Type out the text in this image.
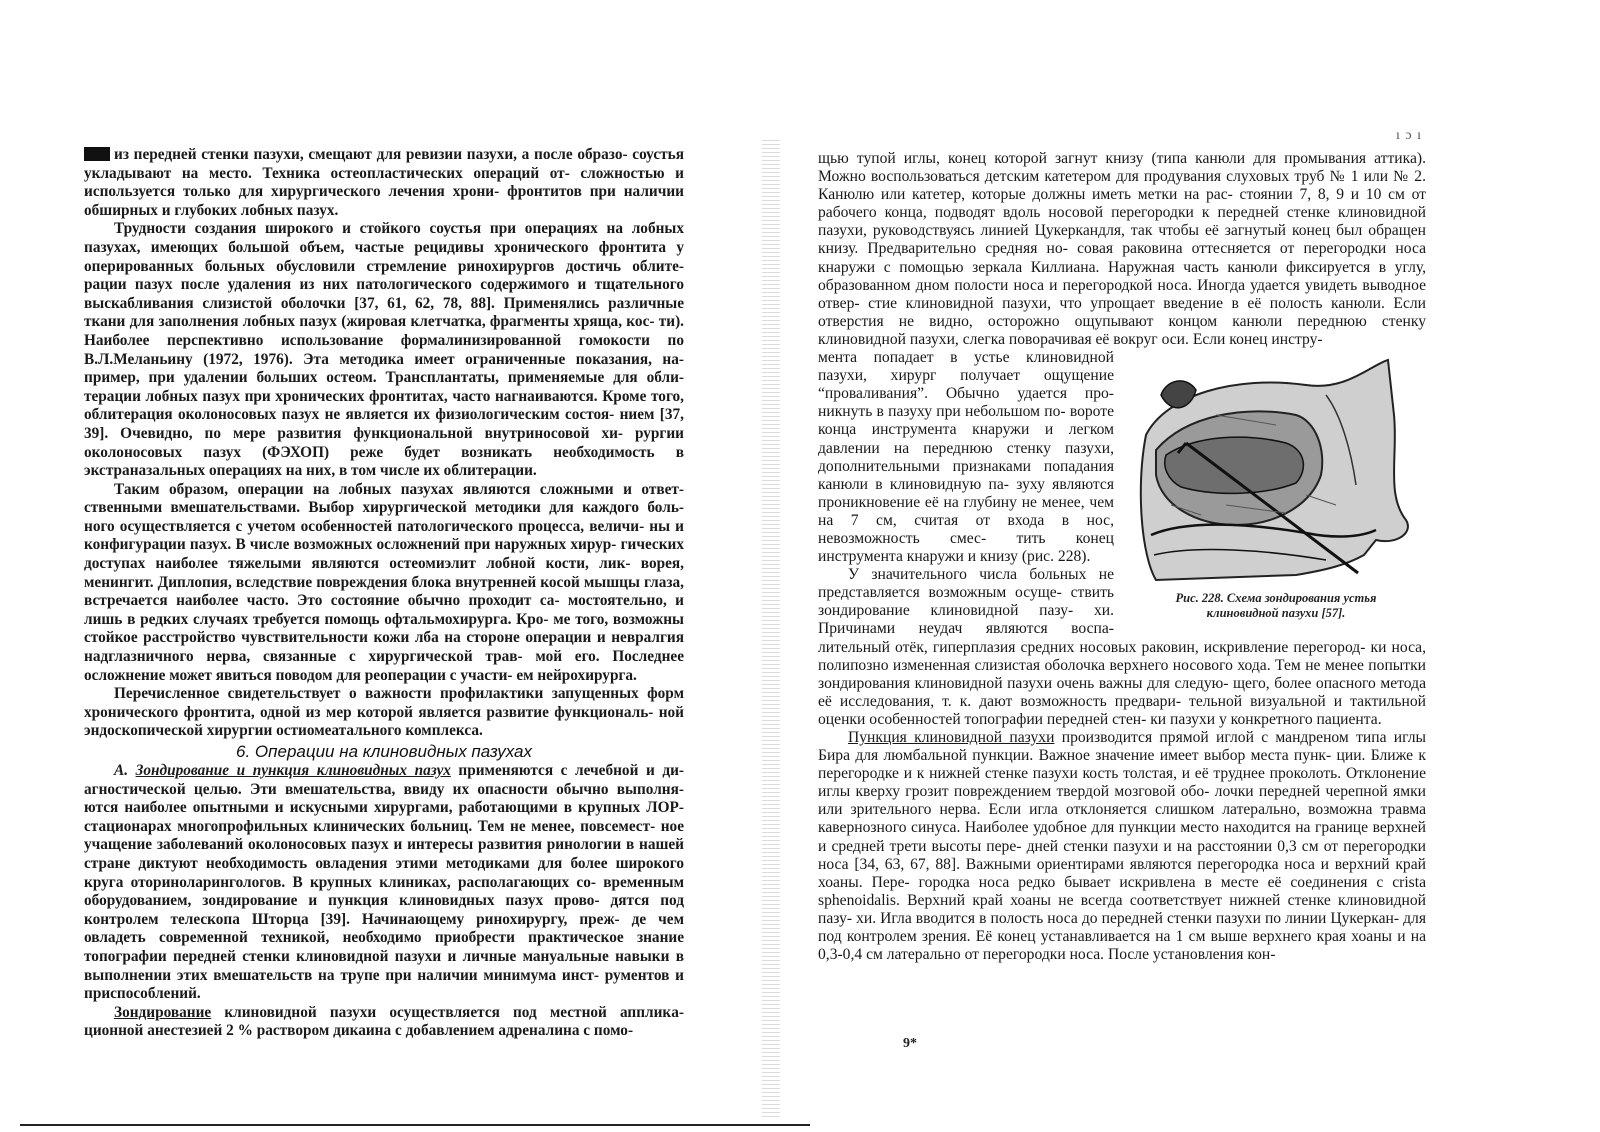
из передней стенки пазухи, смещают для ревизии пазухи, а после образо- соустья укладывают на место. Техника остеопластических операций от- сложностью и используется только для хирургического лечения хрони- фронтитов при наличии обширных и глубоких лобных пазух.

Трудности создания широкого и стойкого соустья при операциях на лобных пазухах, имеющих большой объем, частые рецидивы хронического фронтита у оперированных больных обусловили стремление ринохирургов достичь облите- рации пазух после удаления из них патологического содержимого и тщательного выскабливания слизистой оболочки [37, 61, 62, 78, 88]. Применялись различные ткани для заполнения лобных пазух (жировая клетчатка, фрагменты хряща, кос- ти). Наиболее перспективно использование формалинизированной гомокости по В.Л.Меланьину (1972, 1976). Эта методика имеет ограниченные показания, на- пример, при удалении больших остеом. Трансплантаты, применяемые для обли- терации лобных пазух при хронических фронтитах, часто нагнаиваются. Кроме того, облитерация околоносовых пазух не является их физиологическим состоя- нием [37, 39]. Очевидно, по мере развития функциональной внутриносовой хи- рургии околоносовых пазух (ФЭХОП) реже будет возникать необходимость в экстраназальных операциях на них, в том числе их облитерации.

Таким образом, операции на лобных пазухах являются сложными и ответ- ственными вмешательствами. Выбор хирургической методики для каждого боль- ного осуществляется с учетом особенностей патологического процесса, величи- ны и конфигурации пазух. В числе возможных осложнений при наружных хирур- гических доступах наиболее тяжелыми являются остеомиэлит лобной кости, лик- ворея, менингит. Диплопия, вследствие повреждения блока внутренней косой мышцы глаза, встречается наиболее часто. Это состояние обычно проходит са- мостоятельно, и лишь в редких случаях требуется помощь офтальмохирурга. Кро- ме того, возможны стойкое расстройство чувствительности кожи лба на стороне операции и невралгия надглазничного нерва, связанные с хирургической трав- мой его. Последнее осложнение может явиться поводом для реоперации с участи- ем нейрохирурга.

Перечисленное свидетельствует о важности профилактики запущенных форм хронического фронтита, одной из мер которой является развитие функциональ- ной эндоскопической хирургии остиомеатального комплекса.

6. Операции на клиновидных пазухах

А. Зондирование и пункция клиновидных пазух применяются с лечебной и ди- агностической целью. Эти вмешательства, ввиду их опасности обычно выполня- ются наиболее опытными и искусными хирургами, работающими в крупных ЛОР- стационарах многопрофильных клинических больниц. Тем не менее, повсемест- ное учащение заболеваний околоносовых пазух и интересы развития ринологии в нашей стране диктуют необходимость овладения этими методиками для более широкого круга оториноларингологов. В крупных клиниках, располагающих со- временным оборудованием, зондирование и пункция клиновидных пазух прово- дятся под контролем телескопа Шторца [39]. Начинающему ринохирургу, преж- де чем овладеть современной техникой, необходимо приобрести практическое знание топографии передней стенки клиновидной пазухи и личные мануальные навыки в выполнении этих вмешательств на трупе при наличии минимума инст- рументов и приспособлений.

Зондирование клиновидной пазухи осуществляется под местной аппликa- ционной анестезией 2 % раствором дикаина с добавлением адреналина с помо-

ı ɔ ı

щью тупой иглы, конец которой загнут книзу (типа канюли для промывания аттика). Можно воспользоваться детским катетером для продувания слуховых труб № 1 или № 2. Канюлю или катетер, которые должны иметь метки на рас- стоянии 7, 8, 9 и 10 см от рабочего конца, подводят вдоль носовой перегородки к передней стенке клиновидной пазухи, руководствуясь линией Цукеркандля, так чтобы её загнутый конец был обращен книзу. Предварительно средняя но- совая раковина оттесняется от перегородки носа кнаружи с помощью зеркала Киллиана. Наружная часть канюли фиксируется в углу, образованном дном полости носа и перегородкой носа. Иногда удается увидеть выводное отвер- стие клиновидной пазухи, что упрощает введение в её полость канюли. Если отверстия не видно, осторожно ощупывают концом канюли переднюю стенку клиновидной пазухи, слегка поворачивая её вокруг оси. Если конец инстру-

Рис. 228. Схема зондирования устья
клиновидной пазухи [57].

мента попадает в устье клиновидной пазухи, хирург получает ощущение “проваливания”. Обычно удается про- никнуть в пазуху при небольшом по- вороте конца инструмента кнаружи и легком давлении на переднюю стенку пазухи, дополнительными признаками попадания канюли в клиновидную па- зуху являются проникновение её на глубину не менее, чем на 7 см, считая от входа в нос, невозможность смес- тить конец инструмента кнаружи и книзу (рис. 228).

У значительного числа больных не представляется возможным осуще- ствить зондирование клиновидной пазу- хи. Причинами неудач являются воспа- лительный отёк, гиперплазия средних носовых раковин, искривление перегород- ки носа, полипозно измененная слизистая оболочка верхнего носового хода. Тем не менее попытки зондирования клиновидной пазухи очень важны для следую- щего, более опасного метода её исследования, т. к. дают возможность предвари- тельной визуальной и тактильной оценки особенностей топографии передней стен- ки пазухи у конкретного пациента.

Пункция клиновидной пазухи производится прямой иглой с мандреном типа иглы Бира для люмбальной пункции. Важное значение имеет выбор места пунк- ции. Ближе к перегородке и к нижней стенке пазухи кость толстая, и её труднее проколоть. Отклонение иглы кверху грозит повреждением твердой мозговой обо- лочки передней черепной ямки или зрительного нерва. Если игла отклоняется слишком латерально, возможна травма кавернозного синуса. Наиболее удобное для пункции место находится на границе верхней и средней трети высоты пере- дней стенки пазухи и на расстоянии 0,3 см от перегородки носа [34, 63, 67, 88]. Важными ориентирами являются перегородка носа и верхний край хоаны. Пере- городка носа редко бывает искривлена в месте её соединения с crista sphenoidalis. Верхний край хоаны не всегда соответствует нижней стенке клиновидной пазу- хи. Игла вводится в полость носа до передней стенки пазухи по линии Цукеркан- для под контролем зрения. Её конец устанавливается на 1 см выше верхнего края хоаны и на 0,3-0,4 см латерально от перегородки носа. После установления кон-

9*
